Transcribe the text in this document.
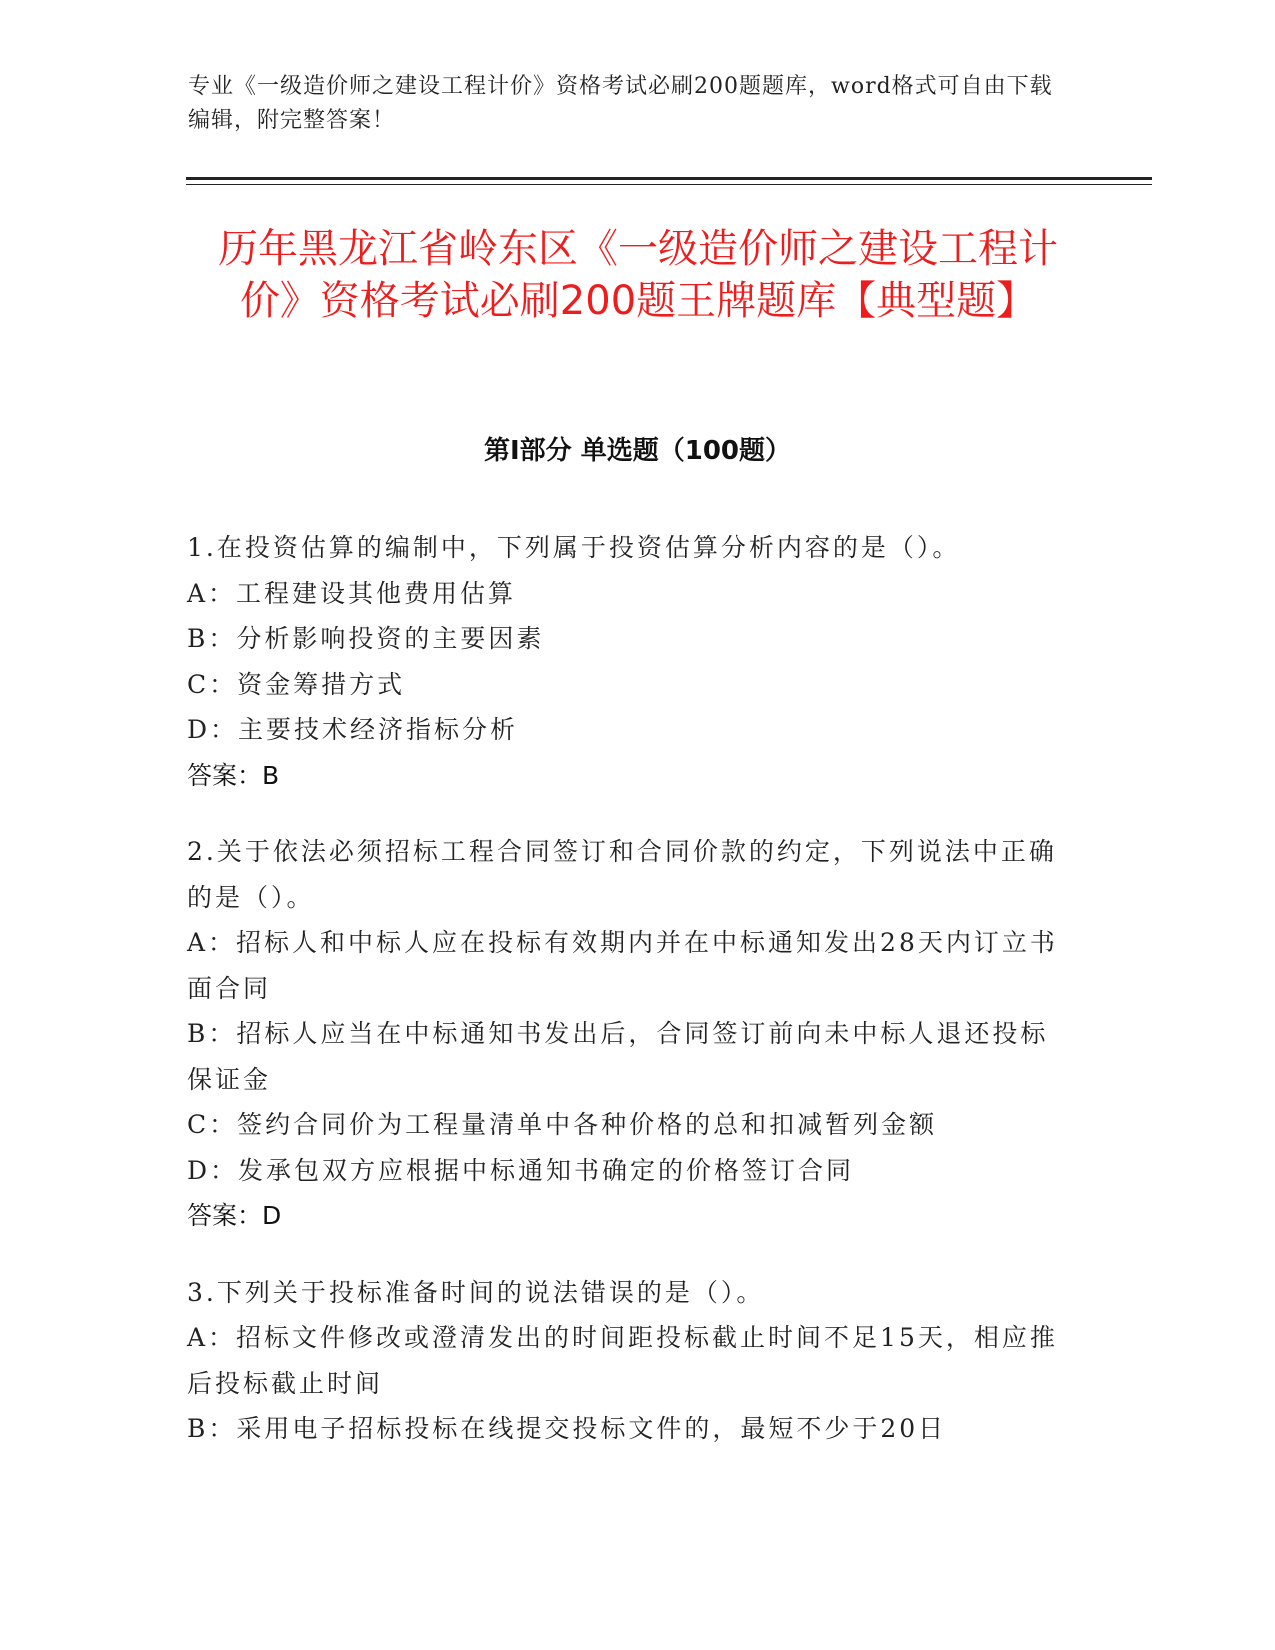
专业《一级造价师之建设工程计价》资格考试必刷200题题库，word格式可自由下载编辑，附完整答案！
历年黑龙江省岭东区《一级造价师之建设工程计价》资格考试必刷200题王牌题库【典型题】
第I部分 单选题（100题）
1.在投资估算的编制中，下列属于投资估算分析内容的是（）。
A：工程建设其他费用估算
B：分析影响投资的主要因素
C：资金筹措方式
D：主要技术经济指标分析
答案：B
2.关于依法必须招标工程合同签订和合同价款的约定，下列说法中正确的是（）。
A：招标人和中标人应在投标有效期内并在中标通知发出28天内订立书面合同
B：招标人应当在中标通知书发出后，合同签订前向未中标人退还投标保证金
C：签约合同价为工程量清单中各种价格的总和扣减暂列金额
D：发承包双方应根据中标通知书确定的价格签订合同
答案：D
3.下列关于投标准备时间的说法错误的是（）。
A：招标文件修改或澄清发出的时间距投标截止时间不足15天，相应推后投标截止时间
B：采用电子招标投标在线提交投标文件的，最短不少于20日
